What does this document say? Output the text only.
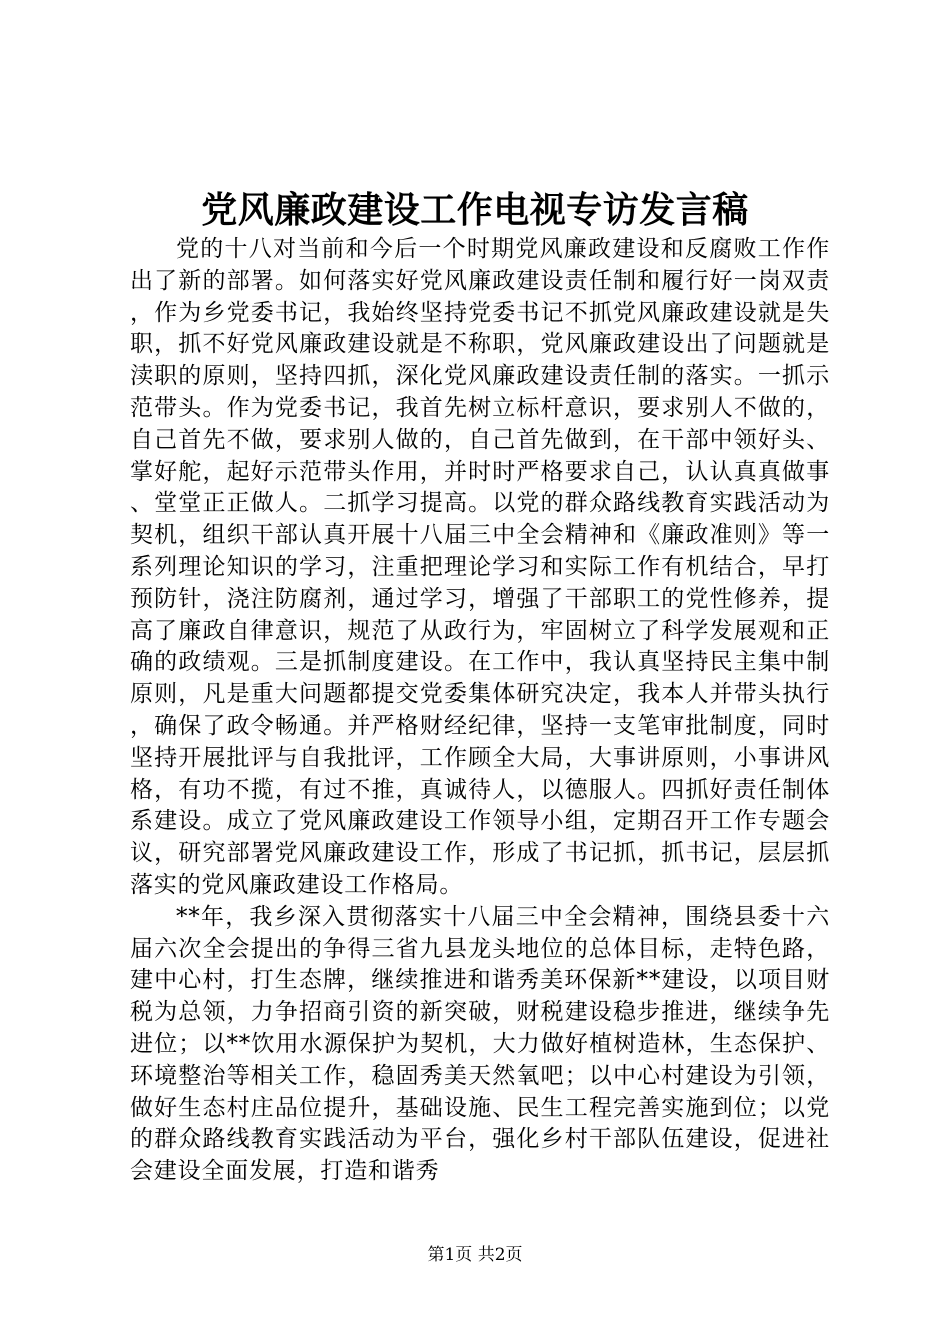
党风廉政建设工作电视专访发言稿

党的十八对当前和今后一个时期党风廉政建设和反腐败工作作出了新的部署。如何落实好党风廉政建设责任制和履行好一岗双责，作为乡党委书记，我始终坚持党委书记不抓党风廉政建设就是失职，抓不好党风廉政建设就是不称职，党风廉政建设出了问题就是渎职的原则，坚持四抓，深化党风廉政建设责任制的落实。一抓示范带头。作为党委书记，我首先树立标杆意识，要求别人不做的，自己首先不做，要求别人做的，自己首先做到，在干部中领好头、掌好舵，起好示范带头作用，并时时严格要求自己，认认真真做事、堂堂正正做人。二抓学习提高。以党的群众路线教育实践活动为契机，组织干部认真开展十八届三中全会精神和《廉政准则》等一系列理论知识的学习，注重把理论学习和实际工作有机结合，早打预防针，浇注防腐剂，通过学习，增强了干部职工的党性修养，提高了廉政自律意识，规范了从政行为，牢固树立了科学发展观和正确的政绩观。三是抓制度建设。在工作中，我认真坚持民主集中制原则，凡是重大问题都提交党委集体研究决定，我本人并带头执行，确保了政令畅通。并严格财经纪律，坚持一支笔审批制度，同时坚持开展批评与自我批评，工作顾全大局，大事讲原则，小事讲风格，有功不揽，有过不推，真诚待人，以德服人。四抓好责任制体系建设。成立了党风廉政建设工作领导小组，定期召开工作专题会议，研究部署党风廉政建设工作，形成了书记抓，抓书记，层层抓落实的党风廉政建设工作格局。

**年，我乡深入贯彻落实十八届三中全会精神，围绕县委十六届六次全会提出的争得三省九县龙头地位的总体目标，走特色路，建中心村，打生态牌，继续推进和谐秀美环保新**建设，以项目财税为总领，力争招商引资的新突破，财税建设稳步推进，继续争先进位；以**饮用水源保护为契机，大力做好植树造林，生态保护、环境整治等相关工作，稳固秀美天然氧吧；以中心村建设为引领，做好生态村庄品位提升，基础设施、民生工程完善实施到位；以党的群众路线教育实践活动为平台，强化乡村干部队伍建设，促进社会建设全面发展，打造和谐秀

第1页 共2页
